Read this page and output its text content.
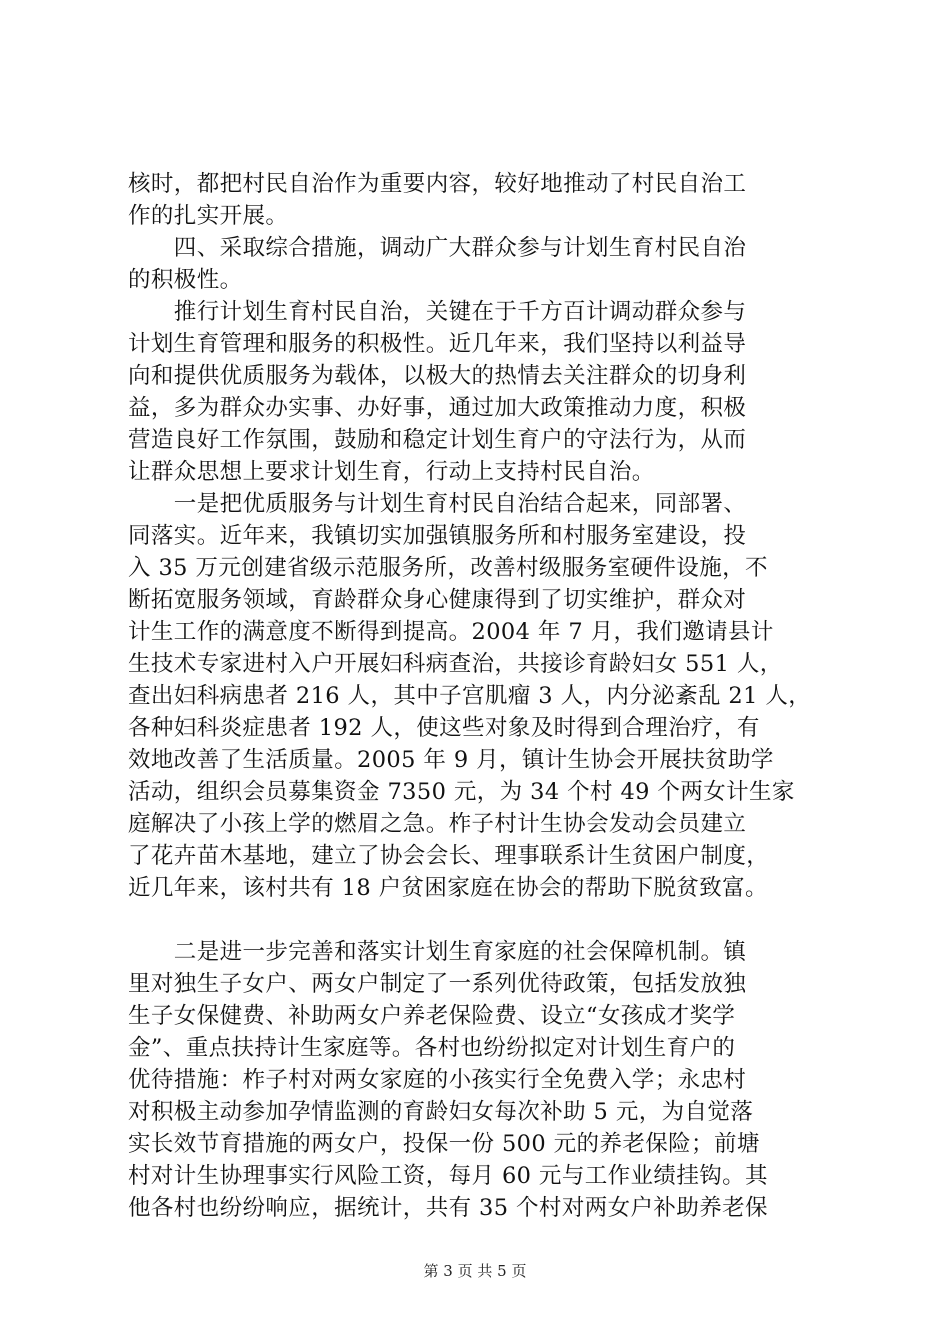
核时，都把村民自治作为重要内容，较好地推动了村民自治工
作的扎实开展。
　　四、采取综合措施，调动广大群众参与计划生育村民自治
的积极性。
　　推行计划生育村民自治，关键在于千方百计调动群众参与
计划生育管理和服务的积极性。近几年来，我们坚持以利益导
向和提供优质服务为载体，以极大的热情去关注群众的切身利
益，多为群众办实事、办好事，通过加大政策推动力度，积极
营造良好工作氛围，鼓励和稳定计划生育户的守法行为，从而
让群众思想上要求计划生育，行动上支持村民自治。
　　一是把优质服务与计划生育村民自治结合起来，同部署、
同落实。近年来，我镇切实加强镇服务所和村服务室建设，投
入 35 万元创建省级示范服务所，改善村级服务室硬件设施，不
断拓宽服务领域，育龄群众身心健康得到了切实维护，群众对
计生工作的满意度不断得到提高。2004 年 7 月，我们邀请县计
生技术专家进村入户开展妇科病查治，共接诊育龄妇女 551 人，
查出妇科病患者 216 人，其中子宫肌瘤 3 人，内分泌紊乱 21 人，
各种妇科炎症患者 192 人，使这些对象及时得到合理治疗，有
效地改善了生活质量。2005 年 9 月，镇计生协会开展扶贫助学
活动，组织会员募集资金 7350 元，为 34 个村 49 个两女计生家
庭解决了小孩上学的燃眉之急。柞子村计生协会发动会员建立
了花卉苗木基地，建立了协会会长、理事联系计生贫困户制度，
近几年来，该村共有 18 户贫困家庭在协会的帮助下脱贫致富。
　　二是进一步完善和落实计划生育家庭的社会保障机制。镇
里对独生子女户、两女户制定了一系列优待政策，包括发放独
生子女保健费、补助两女户养老保险费、设立“女孩成才奖学
金”、重点扶持计生家庭等。各村也纷纷拟定对计划生育户的
优待措施：柞子村对两女家庭的小孩实行全免费入学；永忠村
对积极主动参加孕情监测的育龄妇女每次补助 5 元，为自觉落
实长效节育措施的两女户，投保一份 500 元的养老保险；前塘
村对计生协理事实行风险工资，每月 60 元与工作业绩挂钩。其
他各村也纷纷响应，据统计，共有 35 个村对两女户补助养老保
第 3 页 共 5 页
